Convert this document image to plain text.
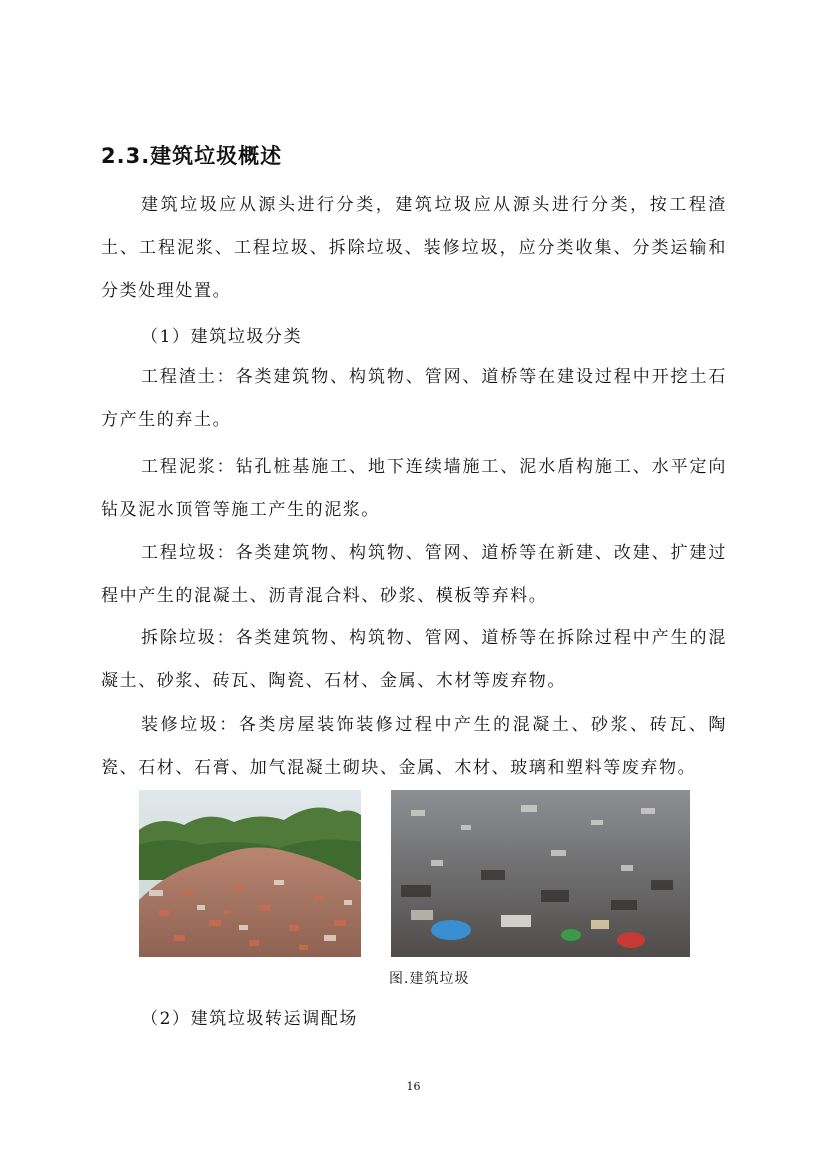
2.3.建筑垃圾概述

建筑垃圾应从源头进行分类，建筑垃圾应从源头进行分类，按工程渣土、工程泥浆、工程垃圾、拆除垃圾、装修垃圾，应分类收集、分类运输和分类处理处置。

（1）建筑垃圾分类

工程渣土：各类建筑物、构筑物、管网、道桥等在建设过程中开挖土石方产生的弃土。

工程泥浆：钻孔桩基施工、地下连续墙施工、泥水盾构施工、水平定向钻及泥水顶管等施工产生的泥浆。

工程垃圾：各类建筑物、构筑物、管网、道桥等在新建、改建、扩建过程中产生的混凝土、沥青混合料、砂浆、模板等弃料。

拆除垃圾：各类建筑物、构筑物、管网、道桥等在拆除过程中产生的混凝土、砂浆、砖瓦、陶瓷、石材、金属、木材等废弃物。

装修垃圾：各类房屋装饰装修过程中产生的混凝土、砂浆、砖瓦、陶瓷、石材、石膏、加气混凝土砌块、金属、木材、玻璃和塑料等废弃物。

图.建筑垃圾

（2）建筑垃圾转运调配场

16
